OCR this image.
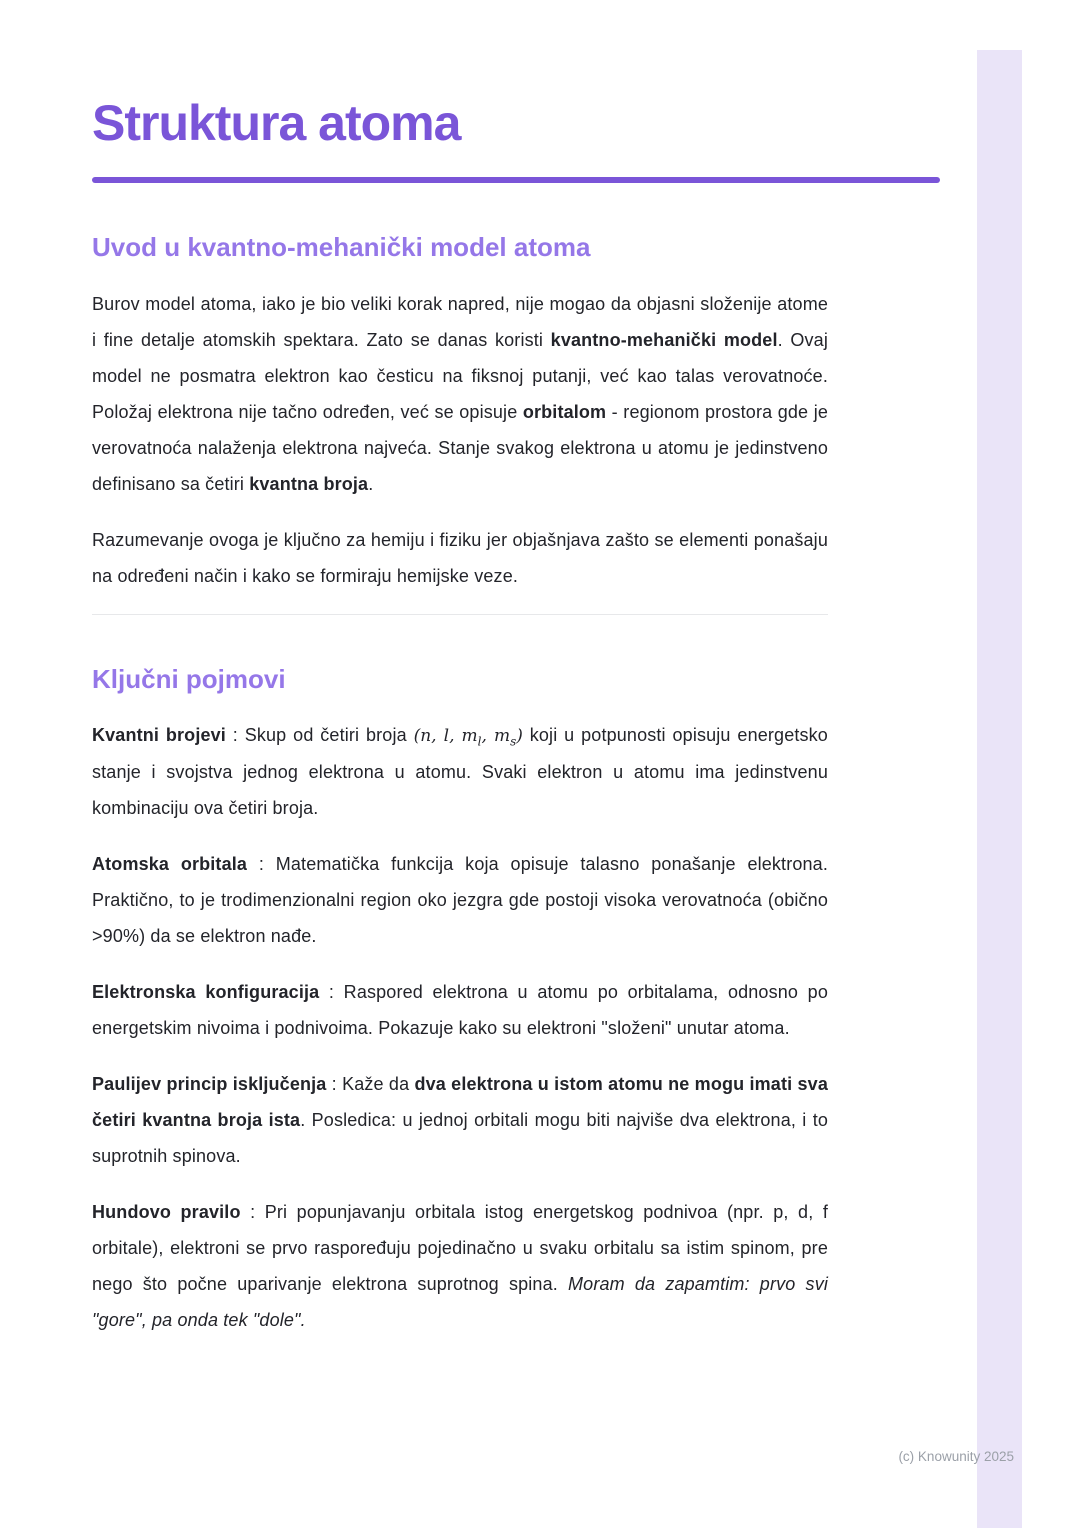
Struktura atoma
Uvod u kvantno-mehanički model atoma

Burov model atoma, iako je bio veliki korak napred, nije mogao da objasni složenije atome i fine detalje atomskih spektara. Zato se danas koristi kvantno-mehanički model. Ovaj model ne posmatra elektron kao česticu na fiksnoj putanji, već kao talas verovatnoće. Položaj elektrona nije tačno određen, već se opisuje orbitalom - regionom prostora gde je verovatnoća nalaženja elektrona najveća. Stanje svakog elektrona u atomu je jedinstveno definisano sa četiri kvantna broja.

Razumevanje ovoga je ključno za hemiju i fiziku jer objašnjava zašto se elementi ponašaju na određeni način i kako se formiraju hemijske veze.

Ključni pojmovi

Kvantni brojevi : Skup od četiri broja (n, l, $m_l$, $m_s$) koji u potpunosti opisuju energetsko stanje i svojstva jednog elektrona u atomu. Svaki elektron u atomu ima jedinstvenu kombinaciju ova četiri broja.

Atomska orbitala : Matematička funkcija koja opisuje talasno ponašanje elektrona. Praktično, to je trodimenzionalni region oko jezgra gde postoji visoka verovatnoća (obično >90%) da se elektron nađe.

Elektronska konfiguracija : Raspored elektrona u atomu po orbitalama, odnosno po energetskim nivoima i podnivoima. Pokazuje kako su elektroni "složeni" unutar atoma.

Paulijev princip isključenja : Kaže da dva elektrona u istom atomu ne mogu imati sva četiri kvantna broja ista. Posledica: u jednoj orbitali mogu biti najviše dva elektrona, i to suprotnih spinova.

Hundovo pravilo : Pri popunjavanju orbitala istog energetskog podnivoa (npr. p, d, f orbitale), elektroni se prvo raspoređuju pojedinačno u svaku orbitalu sa istim spinom, pre nego što počne uparivanje elektrona suprotnog spina. Moram da zapamtim: prvo svi "gore", pa onda tek "dole".

(c) Knowunity 2025
